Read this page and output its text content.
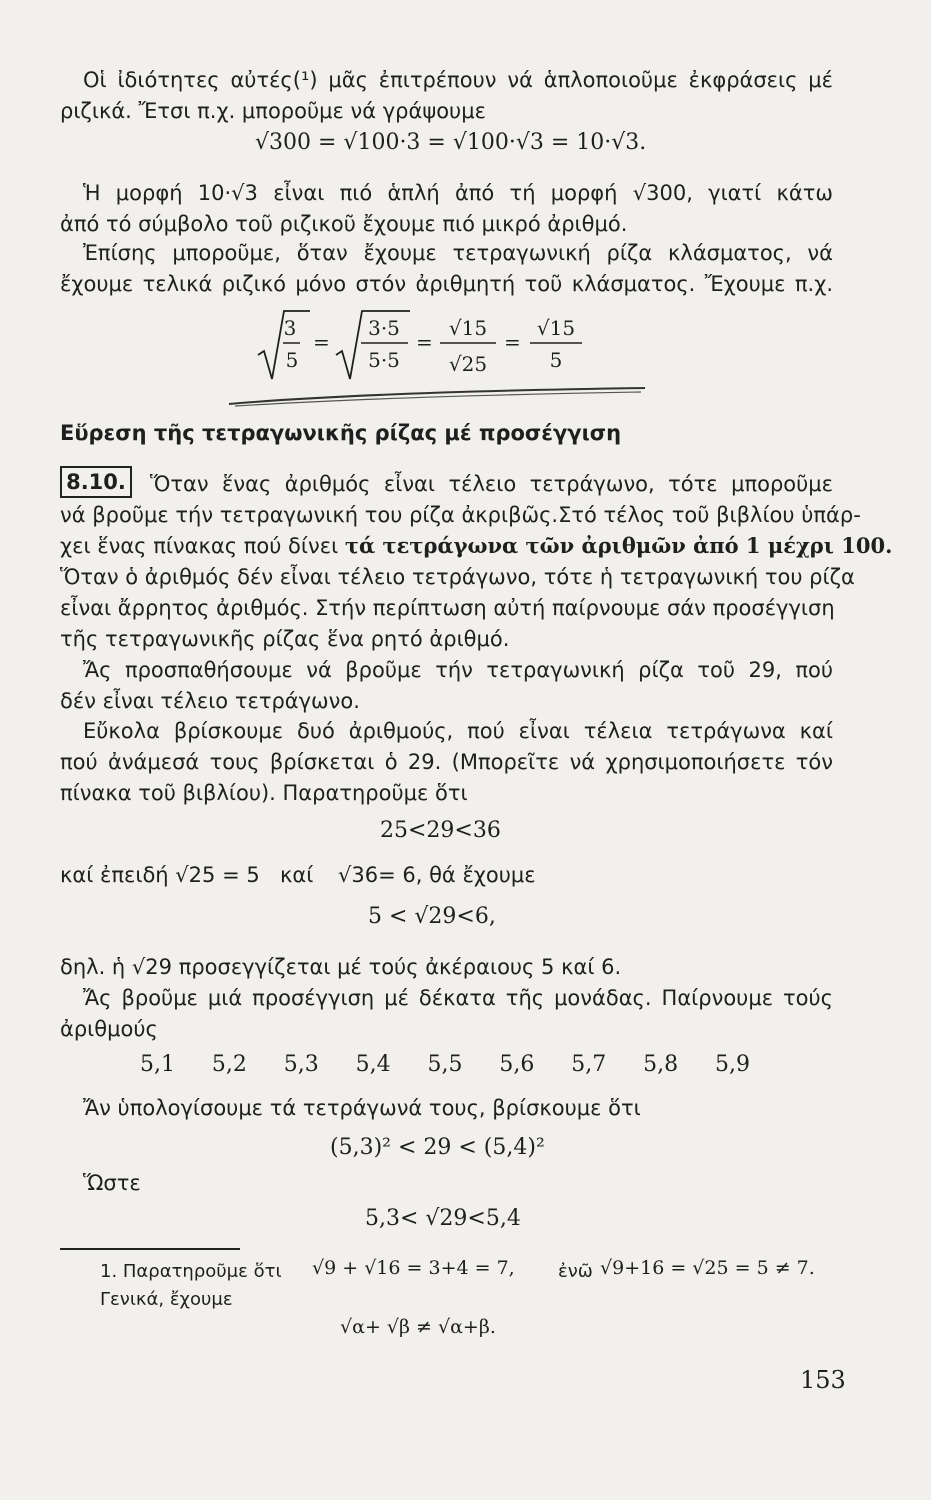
Οἱ ἰδιότητες αὐτές(¹) μᾶς ἐπιτρέπουν νά ἁπλοποιοῦμε ἐκφράσεις μέ
ριζικά. Ἔτσι π.χ. μποροῦμε νά γράψουμε
√300 = √100·3 = √100·√3 = 10·√3.
Ἡ μορφή 10·√3 εἶναι πιό ἁπλή ἀπό τή μορφή √300, γιατί κάτω
ἀπό τό σύμβολο τοῦ ριζικοῦ ἔχουμε πιό μικρό ἀριθμό.
Ἐπίσης μποροῦμε, ὅταν ἔχουμε τετραγωνική ρίζα κλάσματος, νά
ἔχουμε τελικά ριζικό μόνο στόν ἀριθμητή τοῦ κλάσματος. Ἔχουμε π.χ.
3
5
=
3·5
5·5
=
√15
√25
=
√15
5
Εὕρεση τῆς τετραγωνικῆς ρίζας μέ προσέγγιση
8.10. Ὅταν ἕνας ἀριθμός εἶναι τέλειο τετράγωνο, τότε μποροῦμε
νά βροῦμε τήν τετραγωνική του ρίζα ἀκριβῶς.Στό τέλος τοῦ βιβλίου ὑπάρ-
χει ἕνας πίνακας πού δίνει τά τετράγωνα τῶν ἀριθμῶν ἀπό 1 μέχρι 100.
Ὅταν ὁ ἀριθμός δέν εἶναι τέλειο τετράγωνο, τότε ἡ τετραγωνική του ρίζα
εἶναι ἄρρητος ἀριθμός. Στήν περίπτωση αὐτή παίρνουμε σάν προσέγγιση
τῆς τετραγωνικῆς ρίζας ἕνα ρητό ἀριθμό.
Ἄς προσπαθήσουμε νά βροῦμε τήν τετραγωνική ρίζα τοῦ 29, πού
δέν εἶναι τέλειο τετράγωνο.
Εὔκολα βρίσκουμε δυό ἀριθμούς, πού εἶναι τέλεια τετράγωνα καί
πού ἀνάμεσά τους βρίσκεται ὁ 29. (Μπορεῖτε νά χρησιμοποιήσετε τόν
πίνακα τοῦ βιβλίου). Παρατηροῦμε ὅτι
25<29<36
καί ἐπειδή √25 = 5 καί √36= 6, θά ἔχουμε
5 < √29<6,
δηλ. ἡ √29 προσεγγίζεται μέ τούς ἀκέραιους 5 καί 6.
Ἄς βροῦμε μιά προσέγγιση μέ δέκατα τῆς μονάδας. Παίρνουμε τούς
ἀριθμούς
5,1 5,2 5,3 5,4 5,5 5,6 5,7 5,8 5,9
Ἄν ὑπολογίσουμε τά τετράγωνά τους, βρίσκουμε ὅτι
(5,3)² < 29 < (5,4)²
Ὥστε
5,3< √29<5,4
1. Παρατηροῦμε ὅτι √9 + √16 = 3+4 = 7, ἐνῶ √9+16 = √25 = 5 ≠ 7.
Γενικά, ἔχουμε
√α+ √β ≠ √α+β.
153
